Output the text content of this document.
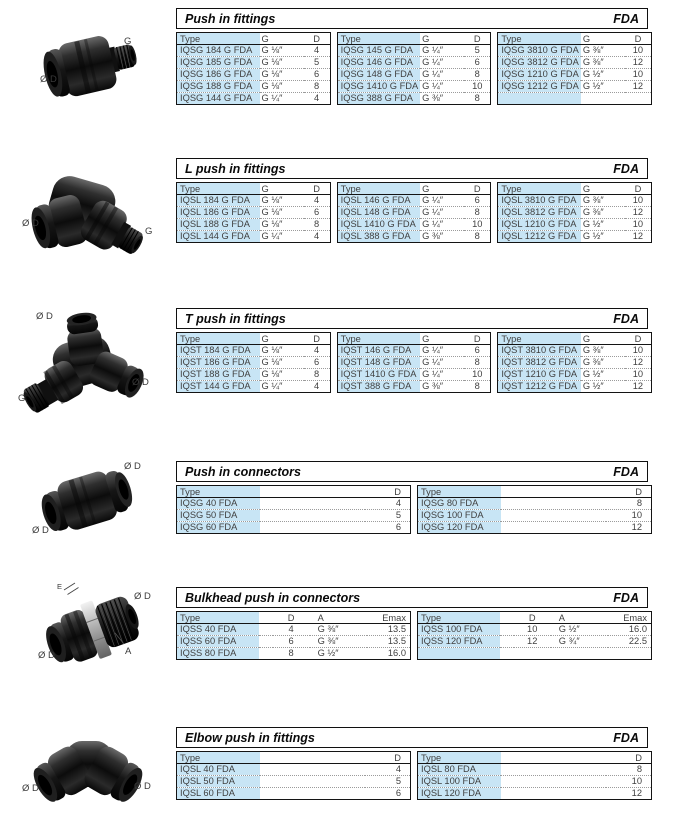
G
Ø D
Push in fittings	FDA
Type	G	D
IQSG 184 G FDA	G ⅛″	4
IQSG 185 G FDA	G ⅛″	5
IQSG 186 G FDA	G ⅛″	6
IQSG 188 G FDA	G ⅛″	8
IQSG 144 G FDA	G ¼″	4
Type	G	D
IQSG 145 G FDA	G ¼″	5
IQSG 146 G FDA	G ¼″	6
IQSG 148 G FDA	G ¼″	8
IQSG 1410 G FDA	G ¼″	10
IQSG 388 G FDA	G ⅜″	8
Type	G	D
IQSG 3810 G FDA	G ⅜″	10
IQSG 3812 G FDA	G ⅜″	12
IQSG 1210 G FDA	G ½″	10
IQSG 1212 G FDA	G ½″	12

Ø D
G
L push in fittings	FDA
Type	G	D
IQSL 184 G FDA	G ⅛″	4
IQSL 186 G FDA	G ⅛″	6
IQSL 188 G FDA	G ⅛″	8
IQSL 144 G FDA	G ¼″	4
Type	G	D
IQSL 146 G FDA	G ¼″	6
IQSL 148 G FDA	G ¼″	8
IQSL 1410 G FDA	G ¼″	10
IQSL 388 G FDA	G ⅜″	8
Type	G	D
IQSL 3810 G FDA	G ⅜″	10
IQSL 3812 G FDA	G ⅜″	12
IQSL 1210 G FDA	G ½″	10
IQSL 1212 G FDA	G ½″	12
Ø D
Ø D
G
T push in fittings	FDA
Type	G	D
IQST 184 G FDA	G ⅛″	4
IQST 186 G FDA	G ⅛″	6
IQST 188 G FDA	G ⅛″	8
IQST 144 G FDA	G ¼″	4
Type	G	D
IQST 146 G FDA	G ¼″	6
IQST 148 G FDA	G ¼″	8
IQST 1410 G FDA	G ¼″	10
IQST 388 G FDA	G ⅜″	8
Type	G	D
IQST 3810 G FDA	G ⅜″	10
IQST 3812 G FDA	G ⅜″	12
IQST 1210 G FDA	G ½″	10
IQST 1212 G FDA	G ½″	12
Ø D
Ø D
Push in connectors	FDA
Type		D
IQSG 40 FDA		4
IQSG 50 FDA		5
IQSG 60 FDA		6
Type		D
IQSG 80 FDA		8
IQSG 100 FDA		10
IQSG 120 FDA		12
E
Ø D
A
Ø D
Bulkhead push in connectors	FDA
Type		D	A	Emax
IQSS 40 FDA		4	G ⅜″	13.5
IQSS 60 FDA		6	G ⅜″	13.5
IQSS 80 FDA		8	G ½″	16.0
Type		D	A	Emax
IQSS 100 FDA		10	G ½″	16.0
IQSS 120 FDA		12	G ¾″	22.5

Ø D	Ø D
Elbow push in fittings	FDA
Type		D
IQSL 40 FDA		4
IQSL 50 FDA		5
IQSL 60 FDA		6
Type		D
IQSL 80 FDA		8
IQSL 100 FDA		10
IQSL 120 FDA		12
